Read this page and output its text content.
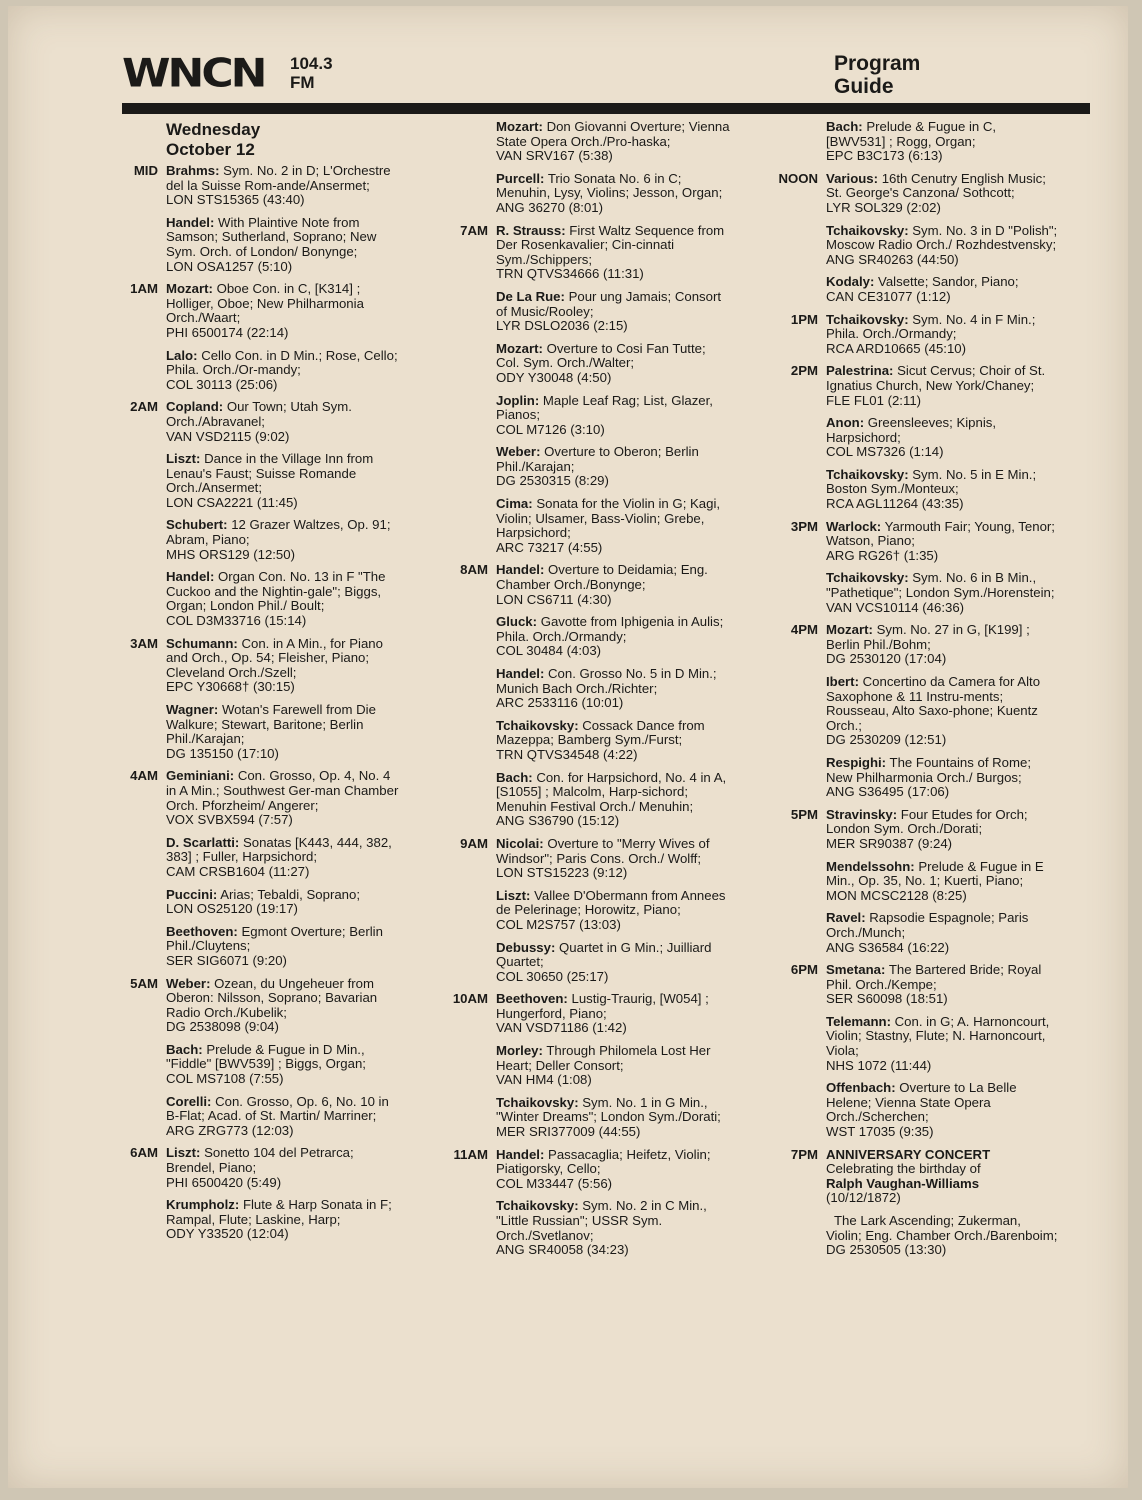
WNCN 104.3
FM
Program
Guide
Wednesday
October 12
MID Brahms: Sym. No. 2 in D; L'Orchestre del la Suisse Rom-ande/Ansermet;
LON STS15365 (43:40)
Handel: With Plaintive Note from Samson; Sutherland, Soprano; New Sym. Orch. of London/ Bonynge;
LON OSA1257 (5:10)
1AM Mozart: Oboe Con. in C, [K314] ; Holliger, Oboe; New Philharmonia Orch./Waart;
PHI 6500174 (22:14)
Lalo: Cello Con. in D Min.; Rose, Cello; Phila. Orch./Or-mandy;
COL 30113 (25:06)
2AM Copland: Our Town; Utah Sym. Orch./Abravanel;
VAN VSD2115 (9:02)
Liszt: Dance in the Village Inn from Lenau's Faust; Suisse Romande Orch./Ansermet;
LON CSA2221 (11:45)
Schubert: 12 Grazer Waltzes, Op. 91; Abram, Piano;
MHS ORS129 (12:50)
Handel: Organ Con. No. 13 in F "The Cuckoo and the Nightin-gale"; Biggs, Organ; London Phil./ Boult;
COL D3M33716 (15:14)
3AM Schumann: Con. in A Min., for Piano and Orch., Op. 54; Fleisher, Piano; Cleveland Orch./Szell;
EPC Y30668† (30:15)
Wagner: Wotan's Farewell from Die Walkure; Stewart, Baritone; Berlin Phil./Karajan;
DG 135150 (17:10)
4AM Geminiani: Con. Grosso, Op. 4, No. 4 in A Min.; Southwest Ger-man Chamber Orch. Pforzheim/ Angerer;
VOX SVBX594 (7:57)
D. Scarlatti: Sonatas [K443, 444, 382, 383] ; Fuller, Harpsichord;
CAM CRSB1604 (11:27)
Puccini: Arias; Tebaldi, Soprano;
LON OS25120 (19:17)
Beethoven: Egmont Overture; Berlin Phil./Cluytens;
SER SIG6071 (9:20)
5AM Weber: Ozean, du Ungeheuer from Oberon: Nilsson, Soprano; Bavarian Radio Orch./Kubelik;
DG 2538098 (9:04)
Bach: Prelude & Fugue in D Min., "Fiddle" [BWV539] ; Biggs, Organ;
COL MS7108 (7:55)
Corelli: Con. Grosso, Op. 6, No. 10 in B-Flat; Acad. of St. Martin/ Marriner;
ARG ZRG773 (12:03)
6AM Liszt: Sonetto 104 del Petrarca; Brendel, Piano;
PHI 6500420 (5:49)
Krumpholz: Flute & Harp Sonata in F; Rampal, Flute; Laskine, Harp;
ODY Y33520 (12:04)
Mozart: Don Giovanni Overture; Vienna State Opera Orch./Pro-haska;
VAN SRV167 (5:38)
Purcell: Trio Sonata No. 6 in C; Menuhin, Lysy, Violins; Jesson, Organ;
ANG 36270 (8:01)
7AM R. Strauss: First Waltz Sequence from Der Rosenkavalier; Cin-cinnati Sym./Schippers;
TRN QTVS34666 (11:31)
De La Rue: Pour ung Jamais; Consort of Music/Rooley;
LYR DSLO2036 (2:15)
Mozart: Overture to Cosi Fan Tutte; Col. Sym. Orch./Walter;
ODY Y30048 (4:50)
Joplin: Maple Leaf Rag; List, Glazer, Pianos;
COL M7126 (3:10)
Weber: Overture to Oberon; Berlin Phil./Karajan;
DG 2530315 (8:29)
Cima: Sonata for the Violin in G; Kagi, Violin; Ulsamer, Bass-Violin; Grebe, Harpsichord;
ARC 73217 (4:55)
8AM Handel: Overture to Deidamia; Eng. Chamber Orch./Bonynge;
LON CS6711 (4:30)
Gluck: Gavotte from Iphigenia in Aulis; Phila. Orch./Ormandy;
COL 30484 (4:03)
Handel: Con. Grosso No. 5 in D Min.; Munich Bach Orch./Richter;
ARC 2533116 (10:01)
Tchaikovsky: Cossack Dance from Mazeppa; Bamberg Sym./Furst;
TRN QTVS34548 (4:22)
Bach: Con. for Harpsichord, No. 4 in A, [S1055] ; Malcolm, Harp-sichord; Menuhin Festival Orch./ Menuhin;
ANG S36790 (15:12)
9AM Nicolai: Overture to "Merry Wives of Windsor"; Paris Cons. Orch./ Wolff;
LON STS15223 (9:12)
Liszt: Vallee D'Obermann from Annees de Pelerinage; Horowitz, Piano;
COL M2S757 (13:03)
Debussy: Quartet in G Min.; Juilliard Quartet;
COL 30650 (25:17)
10AM Beethoven: Lustig-Traurig, [W054] ; Hungerford, Piano;
VAN VSD71186 (1:42)
Morley: Through Philomela Lost Her Heart; Deller Consort;
VAN HM4 (1:08)
Tchaikovsky: Sym. No. 1 in G Min., "Winter Dreams"; London Sym./Dorati;
MER SRI377009 (44:55)
11AM Handel: Passacaglia; Heifetz, Violin; Piatigorsky, Cello;
COL M33447 (5:56)
Tchaikovsky: Sym. No. 2 in C Min., "Little Russian"; USSR Sym. Orch./Svetlanov;
ANG SR40058 (34:23)
Bach: Prelude & Fugue in C, [BWV531] ; Rogg, Organ;
EPC B3C173 (6:13)
NOON Various: 16th Cenutry English Music; St. George's Canzona/ Sothcott;
LYR SOL329 (2:02)
Tchaikovsky: Sym. No. 3 in D "Polish"; Moscow Radio Orch./ Rozhdestvensky;
ANG SR40263 (44:50)
Kodaly: Valsette; Sandor, Piano;
CAN CE31077 (1:12)
1PM Tchaikovsky: Sym. No. 4 in F Min.; Phila. Orch./Ormandy;
RCA ARD10665 (45:10)
2PM Palestrina: Sicut Cervus; Choir of St. Ignatius Church, New York/Chaney;
FLE FL01 (2:11)
Anon: Greensleeves; Kipnis, Harpsichord;
COL MS7326 (1:14)
Tchaikovsky: Sym. No. 5 in E Min.; Boston Sym./Monteux;
RCA AGL11264 (43:35)
3PM Warlock: Yarmouth Fair; Young, Tenor; Watson, Piano;
ARG RG26† (1:35)
Tchaikovsky: Sym. No. 6 in B Min., "Pathetique"; London Sym./Horenstein;
VAN VCS10114 (46:36)
4PM Mozart: Sym. No. 27 in G, [K199] ; Berlin Phil./Bohm;
DG 2530120 (17:04)
Ibert: Concertino da Camera for Alto Saxophone & 11 Instru-ments; Rousseau, Alto Saxo-phone; Kuentz Orch.;
DG 2530209 (12:51)
Respighi: The Fountains of Rome; New Philharmonia Orch./ Burgos;
ANG S36495 (17:06)
5PM Stravinsky: Four Etudes for Orch; London Sym. Orch./Dorati;
MER SR90387 (9:24)
Mendelssohn: Prelude & Fugue in E Min., Op. 35, No. 1; Kuerti, Piano;
MON MCSC2128 (8:25)
Ravel: Rapsodie Espagnole; Paris Orch./Munch;
ANG S36584 (16:22)
6PM Smetana: The Bartered Bride; Royal Phil. Orch./Kempe;
SER S60098 (18:51)
Telemann: Con. in G; A. Harnoncourt, Violin; Stastny, Flute; N. Harnoncourt, Viola;
NHS 1072 (11:44)
Offenbach: Overture to La Belle Helene; Vienna State Opera Orch./Scherchen;
WST 17035 (9:35)
7PM ANNIVERSARY CONCERT
Celebrating the birthday of
Ralph Vaughan-Williams
(10/12/1872)
The Lark Ascending; Zukerman, Violin; Eng. Chamber Orch./Barenboim;
DG 2530505 (13:30)
